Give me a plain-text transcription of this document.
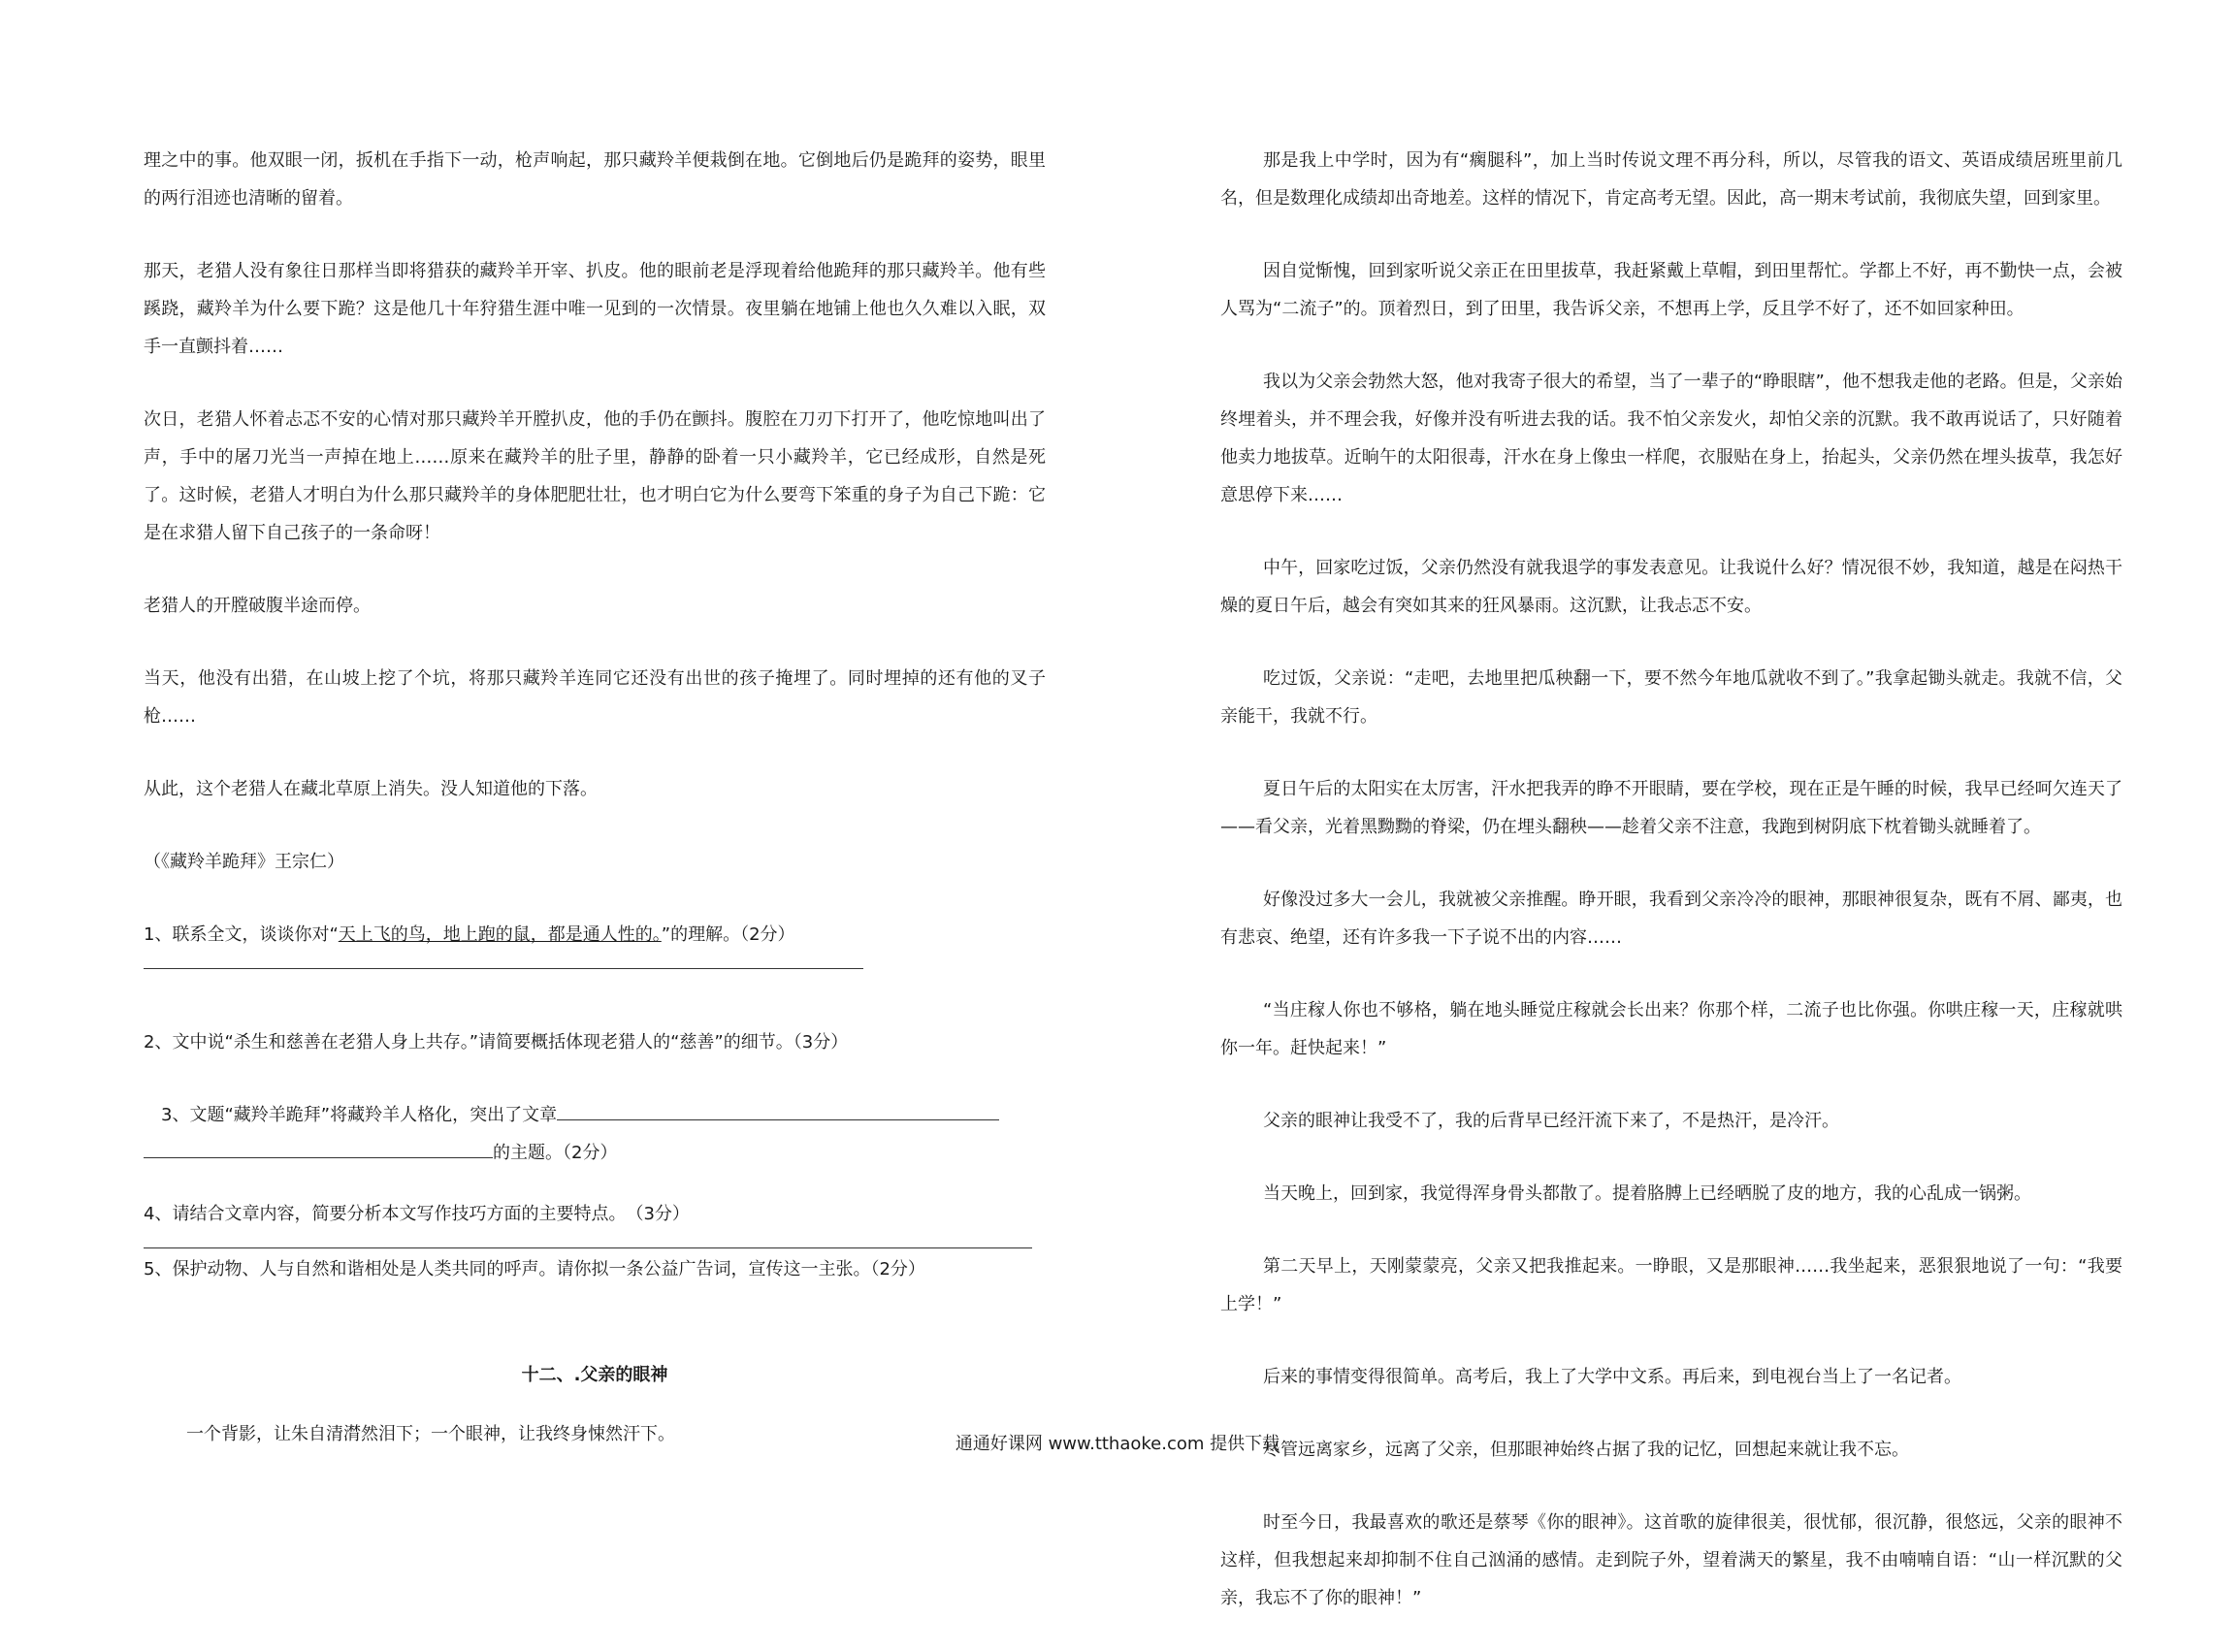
理之中的事。他双眼一闭，扳机在手指下一动，枪声响起，那只藏羚羊便栽倒在地。它倒地后仍是跪拜的姿势，眼里的两行泪迹也清晰的留着。

那天，老猎人没有象往日那样当即将猎获的藏羚羊开宰、扒皮。他的眼前老是浮现着给他跪拜的那只藏羚羊。他有些蹊跷，藏羚羊为什么要下跪？这是他几十年狩猎生涯中唯一见到的一次情景。夜里躺在地铺上他也久久难以入眠，双手一直颤抖着……

次日，老猎人怀着忐忑不安的心情对那只藏羚羊开膛扒皮，他的手仍在颤抖。腹腔在刀刃下打开了，他吃惊地叫出了声，手中的屠刀光当一声掉在地上……原来在藏羚羊的肚子里，静静的卧着一只小藏羚羊，它已经成形，自然是死了。这时候，老猎人才明白为什么那只藏羚羊的身体肥肥壮壮，也才明白它为什么要弯下笨重的身子为自己下跪：它是在求猎人留下自己孩子的一条命呀！

老猎人的开膛破腹半途而停。

当天，他没有出猎，在山坡上挖了个坑，将那只藏羚羊连同它还没有出世的孩子掩埋了。同时埋掉的还有他的叉子枪……

从此，这个老猎人在藏北草原上消失。没人知道他的下落。

（《藏羚羊跪拜》王宗仁）

1、联系全文，谈谈你对“天上飞的鸟，地上跑的鼠，都是通人性的。”的理解。（2分）

2、文中说“杀生和慈善在老猎人身上共存。”请简要概括体现老猎人的“慈善”的细节。（3分）

3、文题“藏羚羊跪拜”将藏羚羊人格化，突出了文章
的主题。（2分）

4、请结合文章内容，简要分析本文写作技巧方面的主要特点。　（3分）

5、保护动物、人与自然和谐相处是人类共同的呼声。请你拟一条公益广告词，宣传这一主张。（2分）

十二、.父亲的眼神

一个背影，让朱自清潸然泪下；一个眼神，让我终身悚然汗下。

那是我上中学时，因为有“瘸腿科”，加上当时传说文理不再分科，所以，尽管我的语文、英语成绩居班里前几名，但是数理化成绩却出奇地差。这样的情况下，肯定高考无望。因此，高一期末考试前，我彻底失望，回到家里。

因自觉惭愧，回到家听说父亲正在田里拔草，我赶紧戴上草帽，到田里帮忙。学都上不好，再不勤快一点，会被人骂为“二流子”的。顶着烈日，到了田里，我告诉父亲，不想再上学，反且学不好了，还不如回家种田。

我以为父亲会勃然大怒，他对我寄子很大的希望，当了一辈子的“睁眼瞎”，他不想我走他的老路。但是，父亲始终埋着头，并不理会我，好像并没有听进去我的话。我不怕父亲发火，却怕父亲的沉默。我不敢再说话了，只好随着他卖力地拔草。近晌午的太阳很毒，汗水在身上像虫一样爬，衣服贴在身上，抬起头，父亲仍然在埋头拔草，我怎好意思停下来……

中午，回家吃过饭，父亲仍然没有就我退学的事发表意见。让我说什么好？情况很不妙，我知道，越是在闷热干燥的夏日午后，越会有突如其来的狂风暴雨。这沉默，让我忐忑不安。

吃过饭，父亲说：“走吧，去地里把瓜秧翻一下，要不然今年地瓜就收不到了。”我拿起锄头就走。我就不信，父亲能干，我就不行。

夏日午后的太阳实在太厉害，汗水把我弄的睁不开眼睛，要在学校，现在正是午睡的时候，我早已经呵欠连天了——看父亲，光着黑黝黝的脊梁，仍在埋头翻秧——趁着父亲不注意，我跑到树阴底下枕着锄头就睡着了。

好像没过多大一会儿，我就被父亲推醒。睁开眼，我看到父亲冷冷的眼神，那眼神很复杂，既有不屑、鄙夷，也有悲哀、绝望，还有许多我一下子说不出的内容……

“当庄稼人你也不够格，躺在地头睡觉庄稼就会长出来？你那个样，二流子也比你强。你哄庄稼一天，庄稼就哄你一年。赶快起来！”

父亲的眼神让我受不了，我的后背早已经汗流下来了，不是热汗，是冷汗。

当天晚上，回到家，我觉得浑身骨头都散了。提着胳膊上已经晒脱了皮的地方，我的心乱成一锅粥。

第二天早上，天刚蒙蒙亮，父亲又把我推起来。一睁眼，又是那眼神……我坐起来，恶狠狠地说了一句：“我要上学！”

后来的事情变得很简单。高考后，我上了大学中文系。再后来，到电视台当上了一名记者。

尽管远离家乡，远离了父亲，但那眼神始终占据了我的记忆，回想起来就让我不忘。

时至今日，我最喜欢的歌还是蔡琴《你的眼神》。这首歌的旋律很美，很忧郁，很沉静，很悠远，父亲的眼神不这样，但我想起来却抑制不住自己汹涌的感情。走到院子外，望着满天的繁星，我不由喃喃自语：“山一样沉默的父亲，我忘不了你的眼神！”

通通好课网 www.tthaoke.com 提供下载
